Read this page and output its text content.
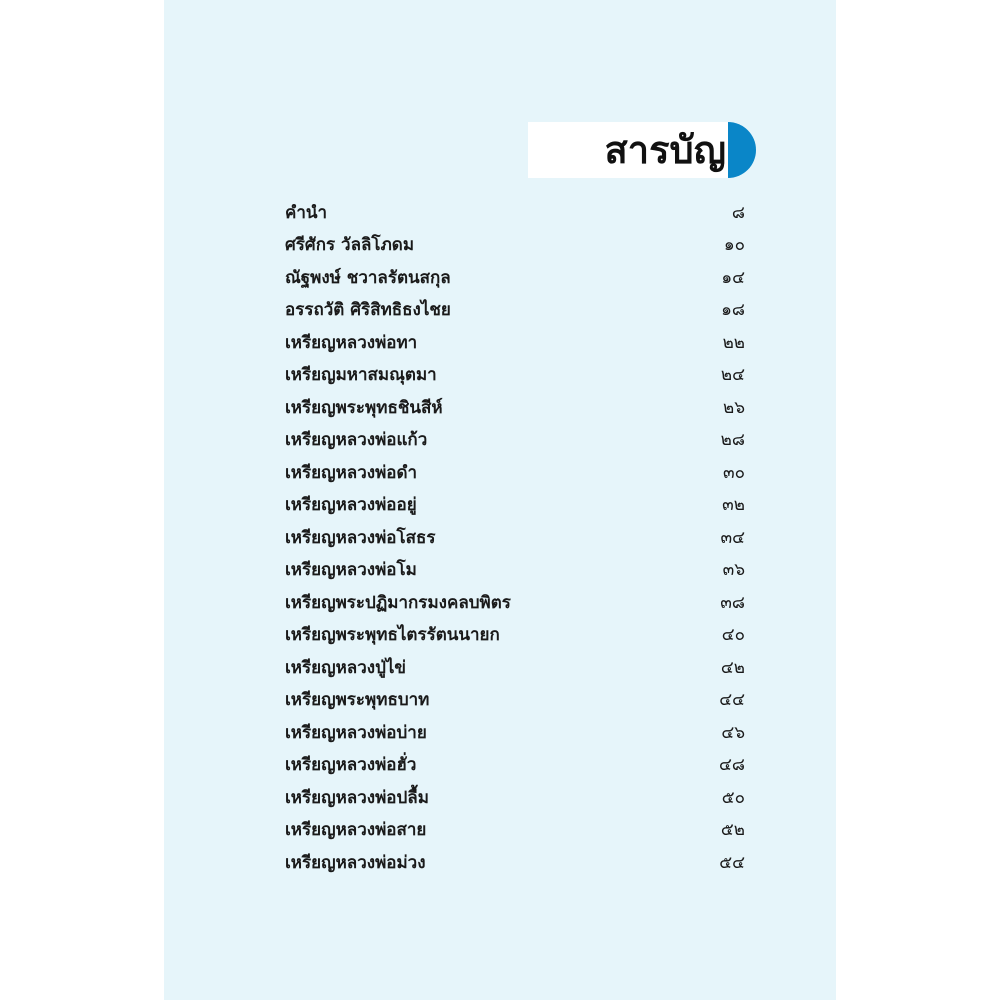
สารบัญ
คำนำ	๘
ศรีศักร วัลลิโภดม	๑๐
ณัฐพงษ์ ชวาลรัตนสกุล	๑๔
อรรถวัติ ศิริสิทธิธงไชย	๑๘
เหรียญหลวงพ่อทา	๒๒
เหรียญมหาสมณุตมา	๒๔
เหรียญพระพุทธชินสีห์	๒๖
เหรียญหลวงพ่อแก้ว	๒๘
เหรียญหลวงพ่อดำ	๓๐
เหรียญหลวงพ่ออยู่	๓๒
เหรียญหลวงพ่อโสธร	๓๔
เหรียญหลวงพ่อโม	๓๖
เหรียญพระปฏิมากรมงคลบพิตร	๓๘
เหรียญพระพุทธไตรรัตนนายก	๔๐
เหรียญหลวงปู่ไข่	๔๒
เหรียญพระพุทธบาท	๔๔
เหรียญหลวงพ่อบ่าย	๔๖
เหรียญหลวงพ่อฮั่ว	๔๘
เหรียญหลวงพ่อปลื้ม	๕๐
เหรียญหลวงพ่อสาย	๕๒
เหรียญหลวงพ่อม่วง	๕๔
